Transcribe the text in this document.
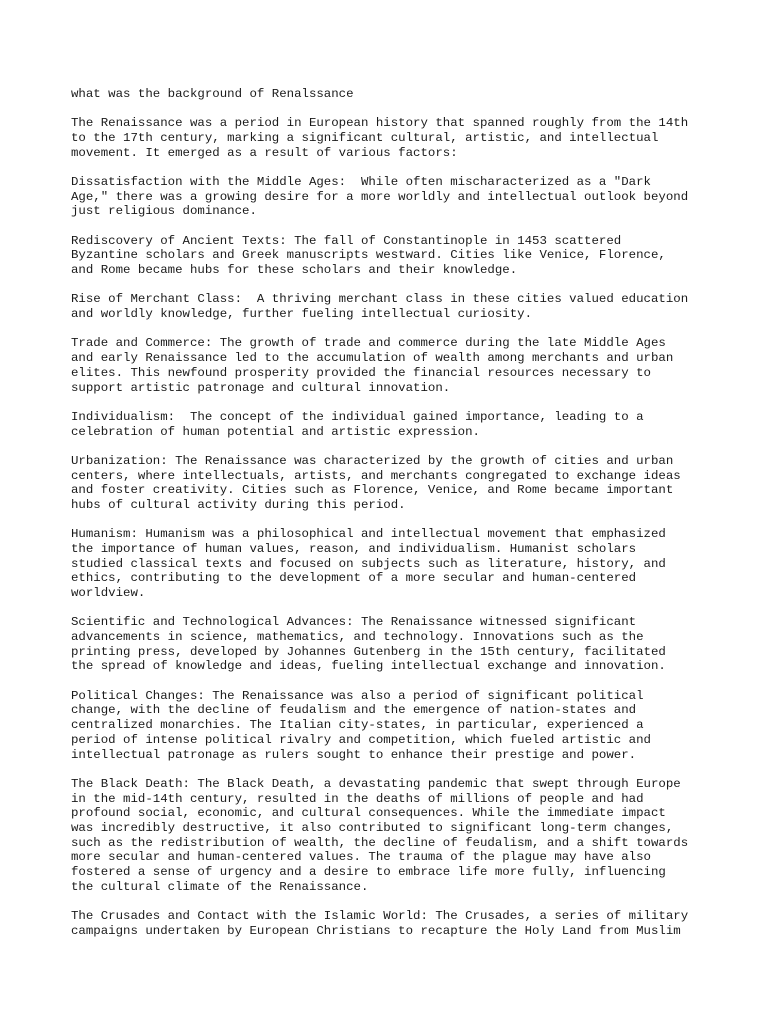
what was the background of Renalssance
The Renaissance was a period in European history that spanned roughly from the 14th
to the 17th century, marking a significant cultural, artistic, and intellectual
movement. It emerged as a result of various factors:
Dissatisfaction with the Middle Ages:  While often mischaracterized as a "Dark
Age," there was a growing desire for a more worldly and intellectual outlook beyond
just religious dominance.
Rediscovery of Ancient Texts: The fall of Constantinople in 1453 scattered
Byzantine scholars and Greek manuscripts westward. Cities like Venice, Florence,
and Rome became hubs for these scholars and their knowledge.
Rise of Merchant Class:  A thriving merchant class in these cities valued education
and worldly knowledge, further fueling intellectual curiosity.
Trade and Commerce: The growth of trade and commerce during the late Middle Ages
and early Renaissance led to the accumulation of wealth among merchants and urban
elites. This newfound prosperity provided the financial resources necessary to
support artistic patronage and cultural innovation.
Individualism:  The concept of the individual gained importance, leading to a
celebration of human potential and artistic expression.
Urbanization: The Renaissance was characterized by the growth of cities and urban
centers, where intellectuals, artists, and merchants congregated to exchange ideas
and foster creativity. Cities such as Florence, Venice, and Rome became important
hubs of cultural activity during this period.
Humanism: Humanism was a philosophical and intellectual movement that emphasized
the importance of human values, reason, and individualism. Humanist scholars
studied classical texts and focused on subjects such as literature, history, and
ethics, contributing to the development of a more secular and human-centered
worldview.
Scientific and Technological Advances: The Renaissance witnessed significant
advancements in science, mathematics, and technology. Innovations such as the
printing press, developed by Johannes Gutenberg in the 15th century, facilitated
the spread of knowledge and ideas, fueling intellectual exchange and innovation.
Political Changes: The Renaissance was also a period of significant political
change, with the decline of feudalism and the emergence of nation-states and
centralized monarchies. The Italian city-states, in particular, experienced a
period of intense political rivalry and competition, which fueled artistic and
intellectual patronage as rulers sought to enhance their prestige and power.
The Black Death: The Black Death, a devastating pandemic that swept through Europe
in the mid-14th century, resulted in the deaths of millions of people and had
profound social, economic, and cultural consequences. While the immediate impact
was incredibly destructive, it also contributed to significant long-term changes,
such as the redistribution of wealth, the decline of feudalism, and a shift towards
more secular and human-centered values. The trauma of the plague may have also
fostered a sense of urgency and a desire to embrace life more fully, influencing
the cultural climate of the Renaissance.
The Crusades and Contact with the Islamic World: The Crusades, a series of military
campaigns undertaken by European Christians to recapture the Holy Land from Muslim
